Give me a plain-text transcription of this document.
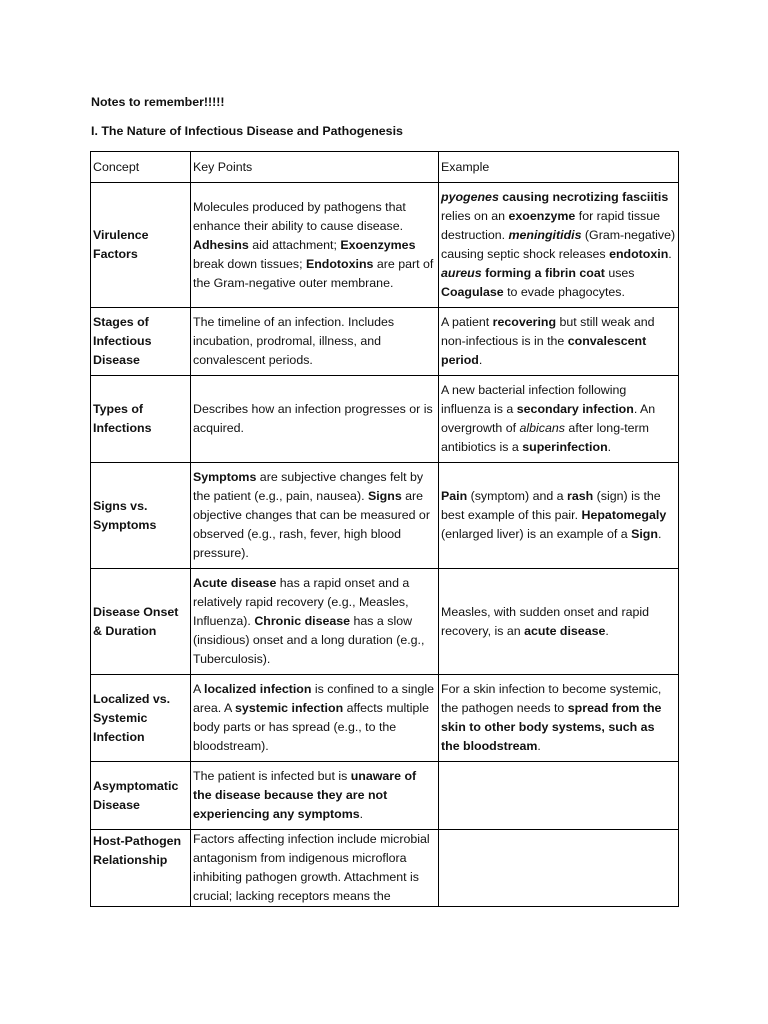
Notes to remember!!!!!
I. The Nature of Infectious Disease and Pathogenesis
Concept	Key Points	Example
Virulence Factors	Molecules produced by pathogens that enhance their ability to cause disease. Adhesins aid attachment; Exoenzymes break down tissues; Endotoxins are part of the Gram-negative outer membrane.	pyogenes causing necrotizing fasciitis relies on an exoenzyme for rapid tissue destruction. meningitidis (Gram-negative) causing septic shock releases endotoxin. aureus forming a fibrin coat uses Coagulase to evade phagocytes.
Stages of Infectious Disease	The timeline of an infection. Includes incubation, prodromal, illness, and convalescent periods.	A patient recovering but still weak and non-infectious is in the convalescent period.
Types of Infections	Describes how an infection progresses or is acquired.	A new bacterial infection following influenza is a secondary infection. An overgrowth of albicans after long-term antibiotics is a superinfection.
Signs vs. Symptoms	Symptoms are subjective changes felt by the patient (e.g., pain, nausea). Signs are objective changes that can be measured or observed (e.g., rash, fever, high blood pressure).	Pain (symptom) and a rash (sign) is the best example of this pair. Hepatomegaly (enlarged liver) is an example of a Sign.
Disease Onset & Duration	Acute disease has a rapid onset and a relatively rapid recovery (e.g., Measles, Influenza). Chronic disease has a slow (insidious) onset and a long duration (e.g., Tuberculosis).	Measles, with sudden onset and rapid recovery, is an acute disease.
Localized vs. Systemic Infection	A localized infection is confined to a single area. A systemic infection affects multiple body parts or has spread (e.g., to the bloodstream).	For a skin infection to become systemic, the pathogen needs to spread from the skin to other body systems, such as the bloodstream.
Asymptomatic Disease	The patient is infected but is unaware of the disease because they are not experiencing any symptoms.	
Host-Pathogen Relationship	Factors affecting infection include microbial antagonism from indigenous microflora inhibiting pathogen growth. Attachment is crucial; lacking receptors means the	
